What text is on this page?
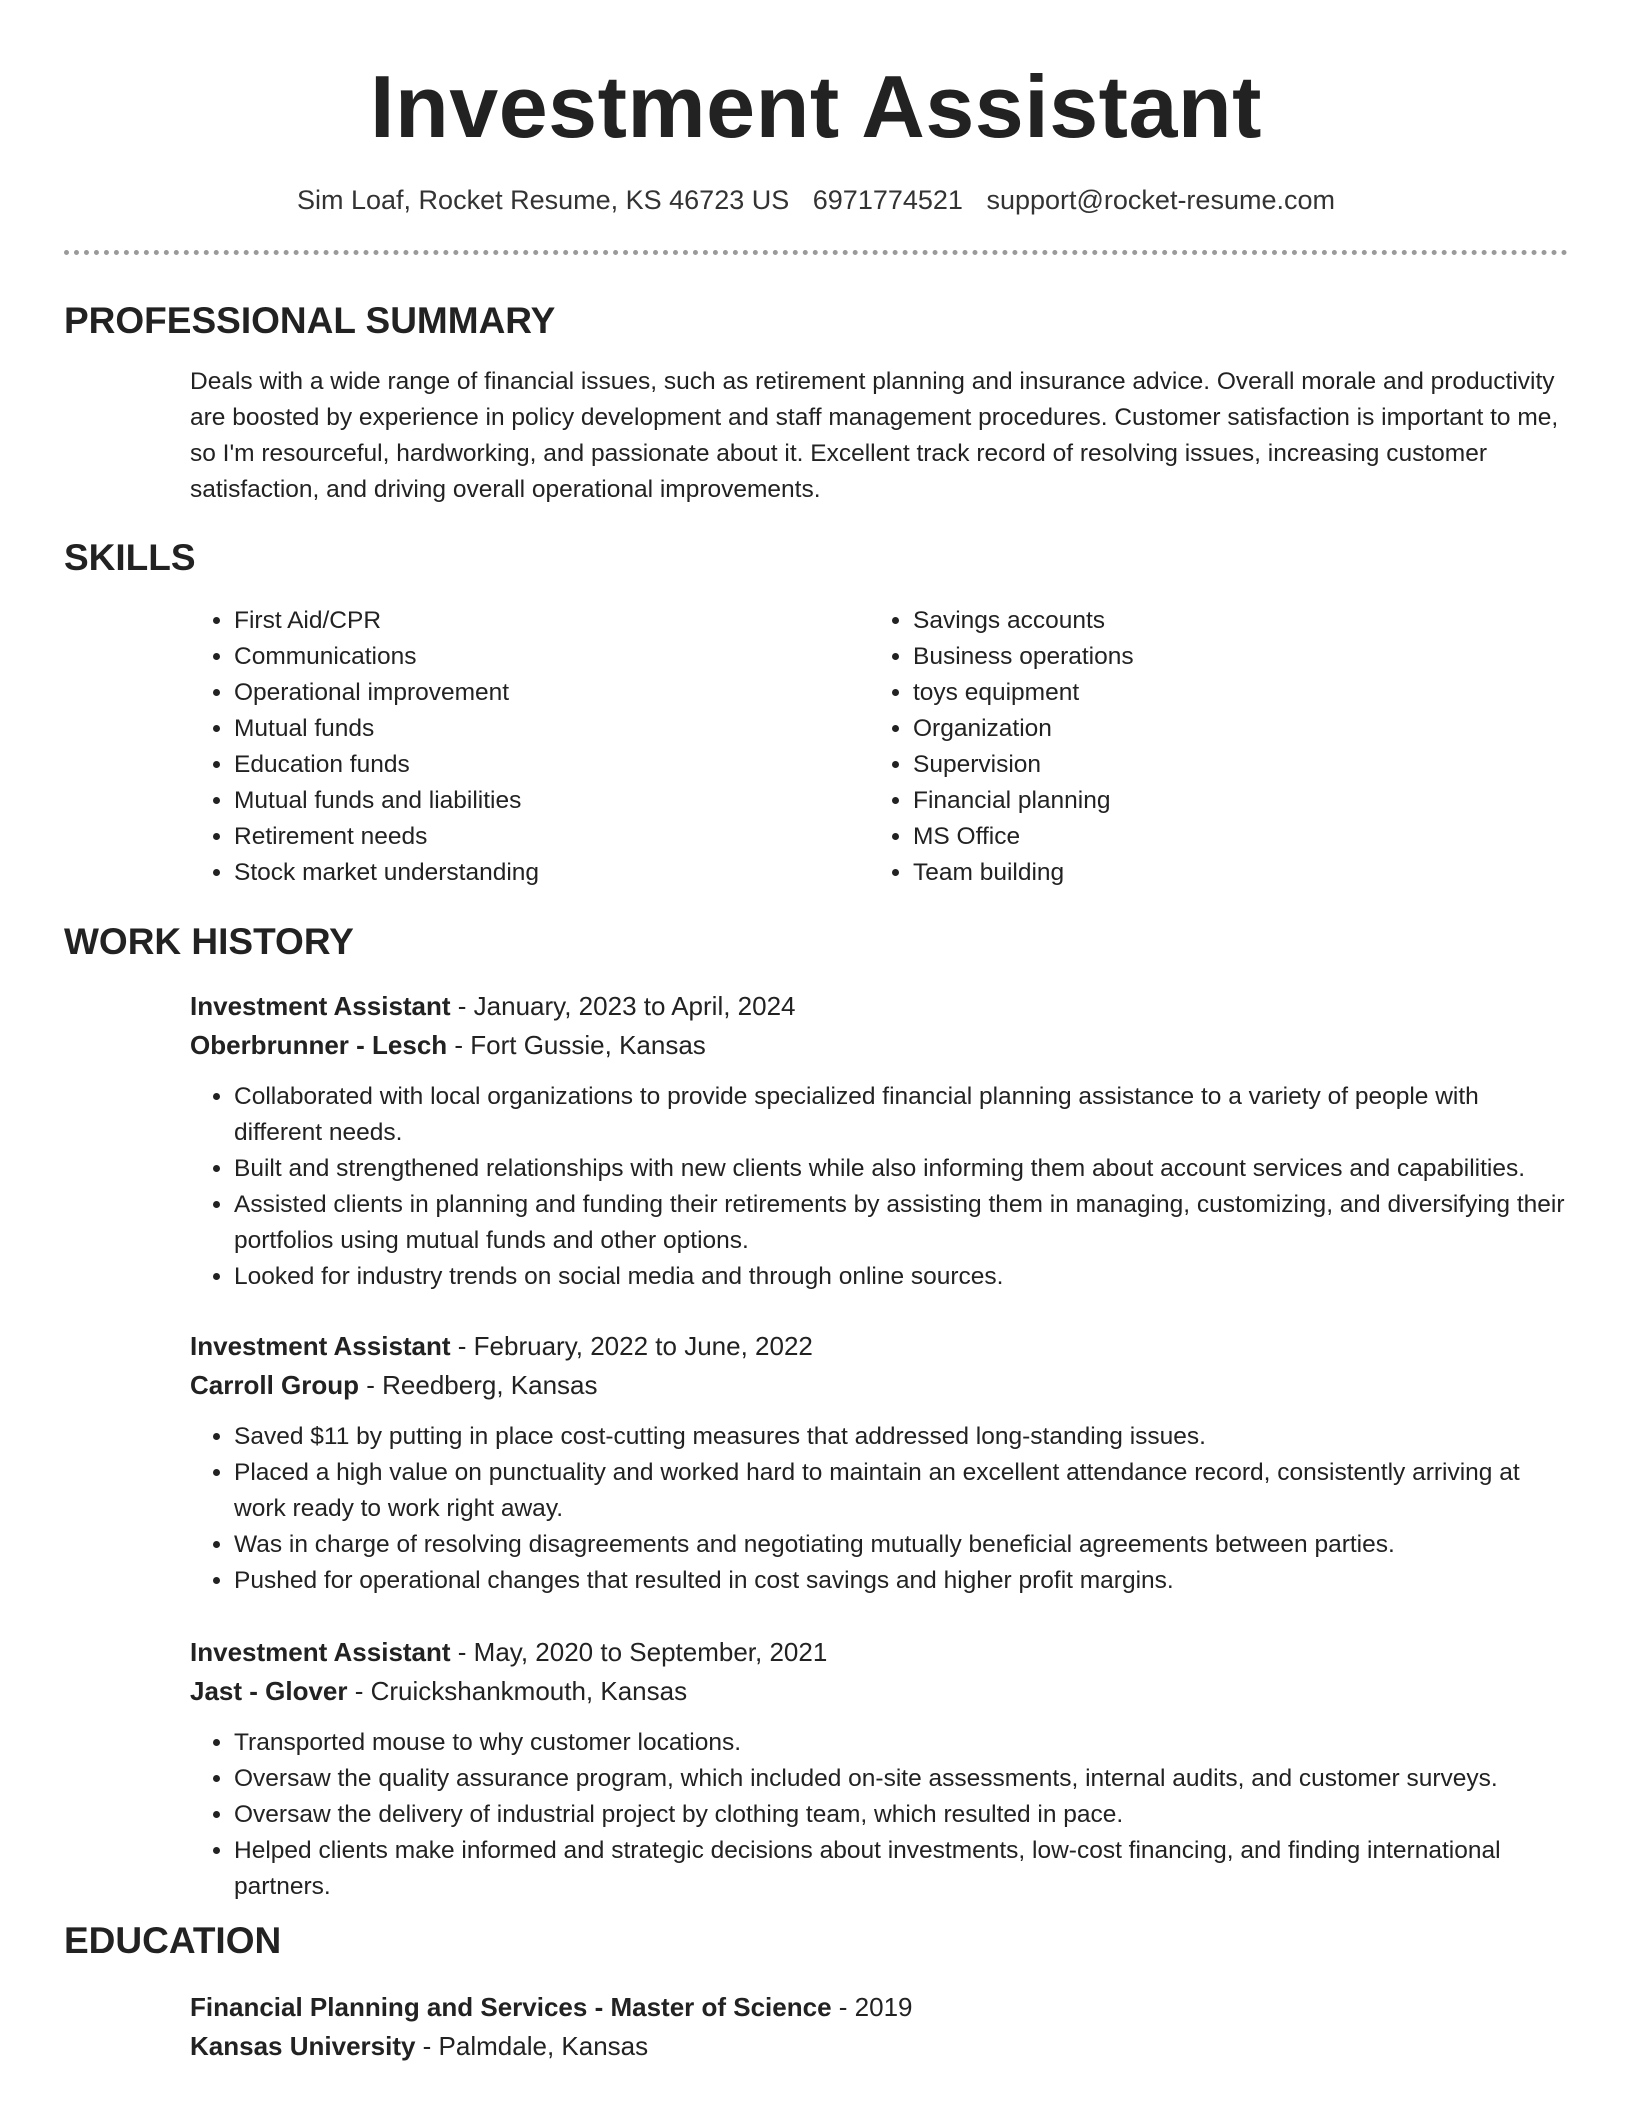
Investment Assistant
Sim Loaf, Rocket Resume, KS 46723 US 6971774521 support@rocket-resume.com
PROFESSIONAL SUMMARY

Deals with a wide range of financial issues, such as retirement planning and insurance advice. Overall morale and productivity are boosted by experience in policy development and staff management procedures. Customer satisfaction is important to me, so I'm resourceful, hardworking, and passionate about it. Excellent track record of resolving issues, increasing customer satisfaction, and driving overall operational improvements.

SKILLS
• First Aid/CPR
• Communications
• Operational improvement
• Mutual funds
• Education funds
• Mutual funds and liabilities
• Retirement needs
• Stock market understanding
• Savings accounts
• Business operations
• toys equipment
• Organization
• Supervision
• Financial planning
• MS Office
• Team building
WORK HISTORY
Investment Assistant - January, 2023 to April, 2024
Oberbrunner - Lesch - Fort Gussie, Kansas
• Collaborated with local organizations to provide specialized financial planning assistance to a variety of people with different needs.
• Built and strengthened relationships with new clients while also informing them about account services and capabilities.
• Assisted clients in planning and funding their retirements by assisting them in managing, customizing, and diversifying their portfolios using mutual funds and other options.
• Looked for industry trends on social media and through online sources.
Investment Assistant - February, 2022 to June, 2022
Carroll Group - Reedberg, Kansas
• Saved $11 by putting in place cost-cutting measures that addressed long-standing issues.
• Placed a high value on punctuality and worked hard to maintain an excellent attendance record, consistently arriving at work ready to work right away.
• Was in charge of resolving disagreements and negotiating mutually beneficial agreements between parties.
• Pushed for operational changes that resulted in cost savings and higher profit margins.
Investment Assistant - May, 2020 to September, 2021
Jast - Glover - Cruickshankmouth, Kansas
• Transported mouse to why customer locations.
• Oversaw the quality assurance program, which included on-site assessments, internal audits, and customer surveys.
• Oversaw the delivery of industrial project by clothing team, which resulted in pace.
• Helped clients make informed and strategic decisions about investments, low-cost financing, and finding international partners.
EDUCATION
Financial Planning and Services - Master of Science - 2019
Kansas University - Palmdale, Kansas
